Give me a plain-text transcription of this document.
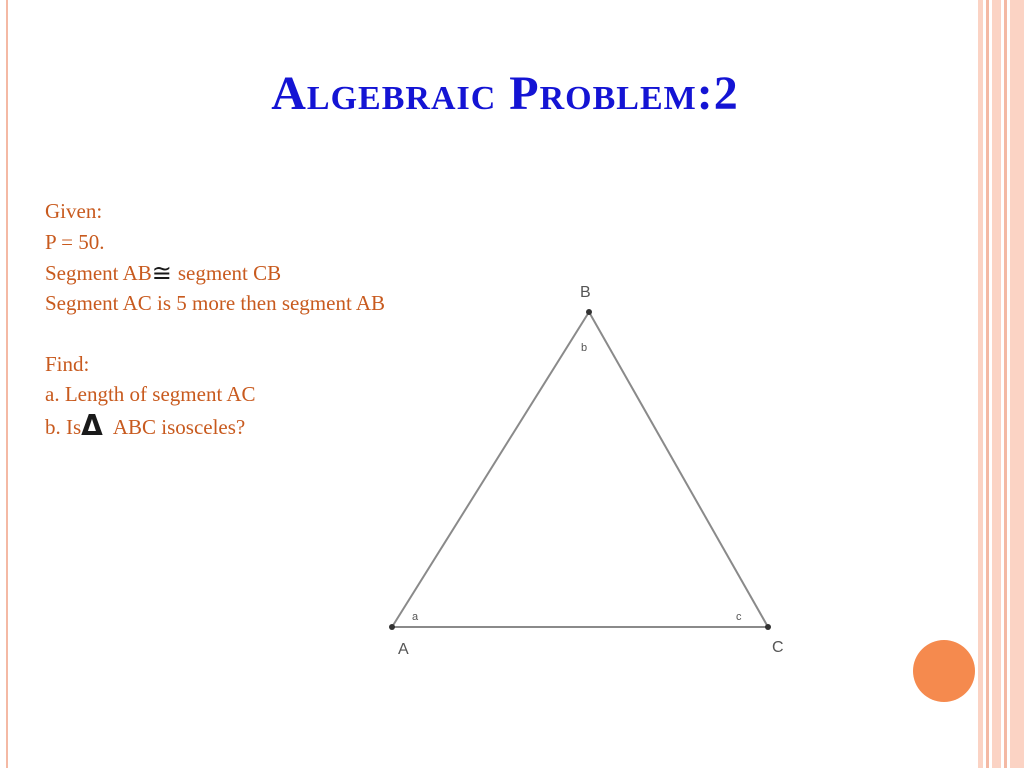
Algebraic Problem:2
Given:
P = 50.
Segment AB≅ segment CB
Segment AC is 5 more then segment AB
Find:
a. Length of segment AC
b. IsΔ ABC isosceles?
A
B
C
a
b
c
